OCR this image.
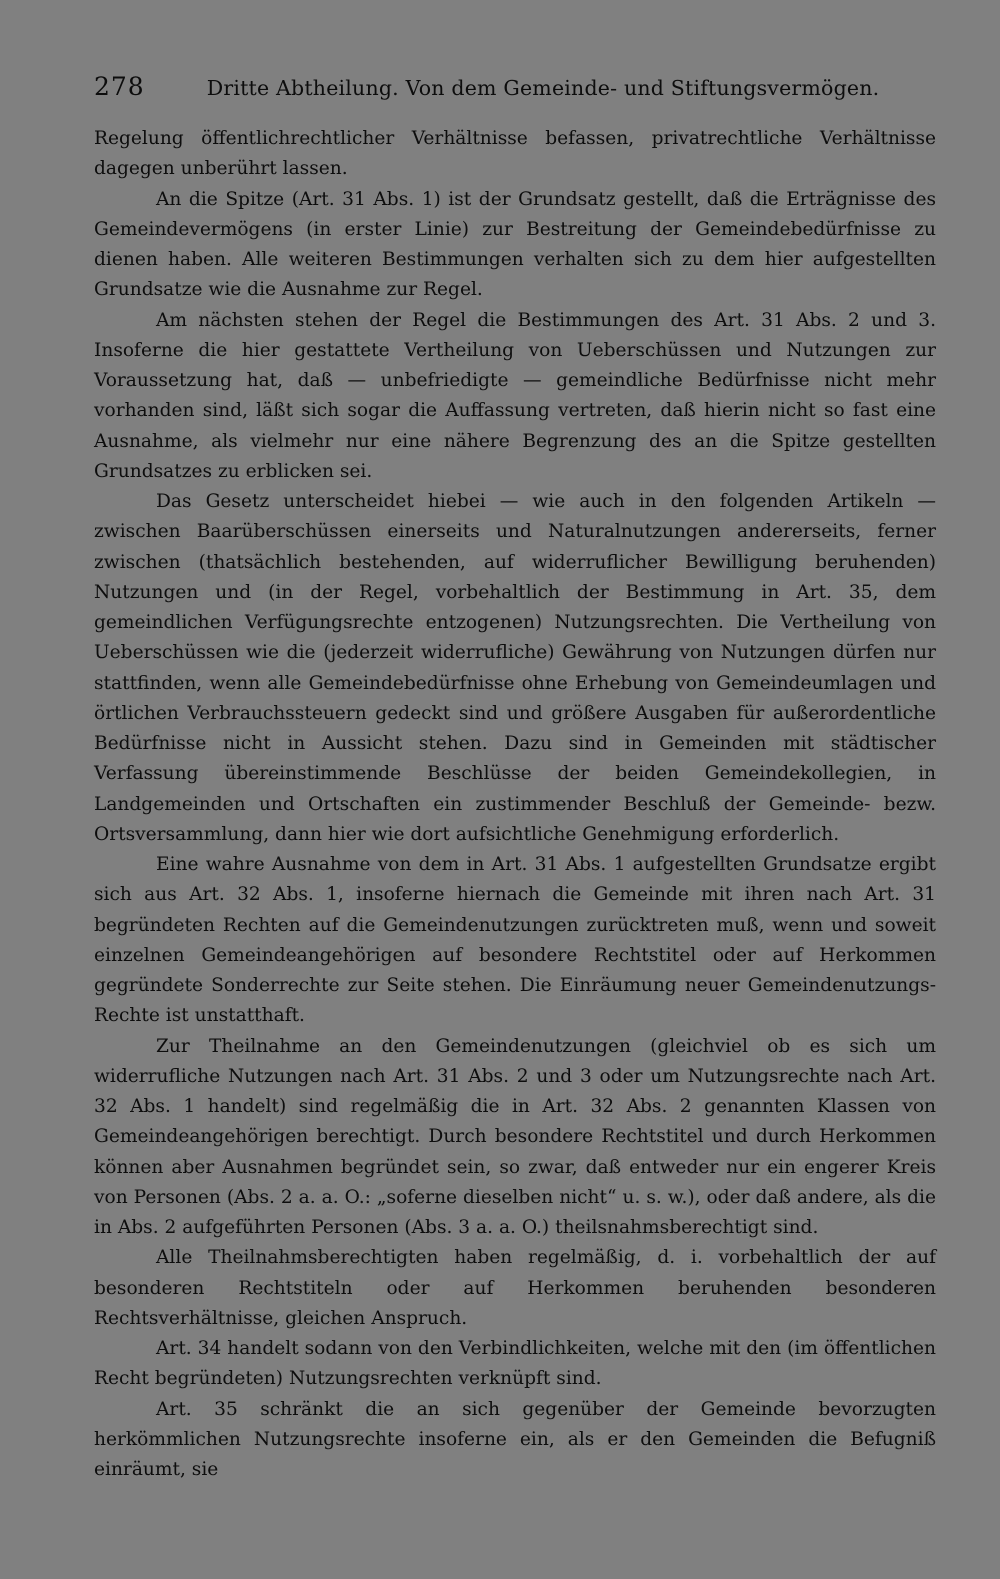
278	Dritte Abtheilung. Von dem Gemeinde- und Stiftungsvermögen.

Regelung öffentlichrechtlicher Verhältnisse befassen, privatrechtliche Verhältnisse dagegen unberührt lassen.

An die Spitze (Art. 31 Abs. 1) ist der Grundsatz gestellt, daß die Erträgnisse des Gemeindevermögens (in erster Linie) zur Bestreitung der Gemeindebedürfnisse zu dienen haben. Alle weiteren Bestimmungen verhalten sich zu dem hier aufgestellten Grundsatze wie die Ausnahme zur Regel.

Am nächsten stehen der Regel die Bestimmungen des Art. 31 Abs. 2 und 3. Insoferne die hier gestattete Vertheilung von Ueberschüssen und Nutzungen zur Voraussetzung hat, daß — unbefriedigte — gemeindliche Bedürfnisse nicht mehr vorhanden sind, läßt sich sogar die Auffassung vertreten, daß hierin nicht so fast eine Ausnahme, als vielmehr nur eine nähere Begrenzung des an die Spitze gestellten Grundsatzes zu erblicken sei.

Das Gesetz unterscheidet hiebei — wie auch in den folgenden Artikeln — zwischen Baarüberschüssen einerseits und Naturalnutzungen andererseits, ferner zwischen (thatsächlich bestehenden, auf widerruflicher Bewilligung beruhenden) Nutzungen und (in der Regel, vorbehaltlich der Bestimmung in Art. 35, dem gemeindlichen Verfügungsrechte entzogenen) Nutzungsrechten. Die Vertheilung von Ueberschüssen wie die (jederzeit widerrufliche) Gewährung von Nutzungen dürfen nur stattfinden, wenn alle Gemeindebedürfnisse ohne Erhebung von Gemeindeumlagen und örtlichen Verbrauchssteuern gedeckt sind und größere Ausgaben für außerordentliche Bedürfnisse nicht in Aussicht stehen. Dazu sind in Gemeinden mit städtischer Verfassung übereinstimmende Beschlüsse der beiden Gemeindekollegien, in Landgemeinden und Ortschaften ein zustimmender Beschluß der Gemeinde- bezw. Ortsversammlung, dann hier wie dort aufsichtliche Genehmigung erforderlich.

Eine wahre Ausnahme von dem in Art. 31 Abs. 1 aufgestellten Grundsatze ergibt sich aus Art. 32 Abs. 1, insoferne hiernach die Gemeinde mit ihren nach Art. 31 begründeten Rechten auf die Gemeindenutzungen zurücktreten muß, wenn und soweit einzelnen Gemeindeangehörigen auf besondere Rechtstitel oder auf Herkommen gegründete Sonderrechte zur Seite stehen. Die Einräumung neuer Gemeindenutzungs-Rechte ist unstatthaft.

Zur Theilnahme an den Gemeindenutzungen (gleichviel ob es sich um widerrufliche Nutzungen nach Art. 31 Abs. 2 und 3 oder um Nutzungsrechte nach Art. 32 Abs. 1 handelt) sind regelmäßig die in Art. 32 Abs. 2 genannten Klassen von Gemeindeangehörigen berechtigt. Durch besondere Rechtstitel und durch Herkommen können aber Ausnahmen begründet sein, so zwar, daß entweder nur ein engerer Kreis von Personen (Abs. 2 a. a. O.: „soferne dieselben nicht“ u. s. w.), oder daß andere, als die in Abs. 2 aufgeführten Personen (Abs. 3 a. a. O.) theilsnahmsberechtigt sind.

Alle Theilnahmsberechtigten haben regelmäßig, d. i. vorbehaltlich der auf besonderen Rechtstiteln oder auf Herkommen beruhenden besonderen Rechtsverhältnisse, gleichen Anspruch.

Art. 34 handelt sodann von den Verbindlichkeiten, welche mit den (im öffentlichen Recht begründeten) Nutzungsrechten verknüpft sind.

Art. 35 schränkt die an sich gegenüber der Gemeinde bevorzugten herkömmlichen Nutzungsrechte insoferne ein, als er den Gemeinden die Befugniß einräumt, sie
